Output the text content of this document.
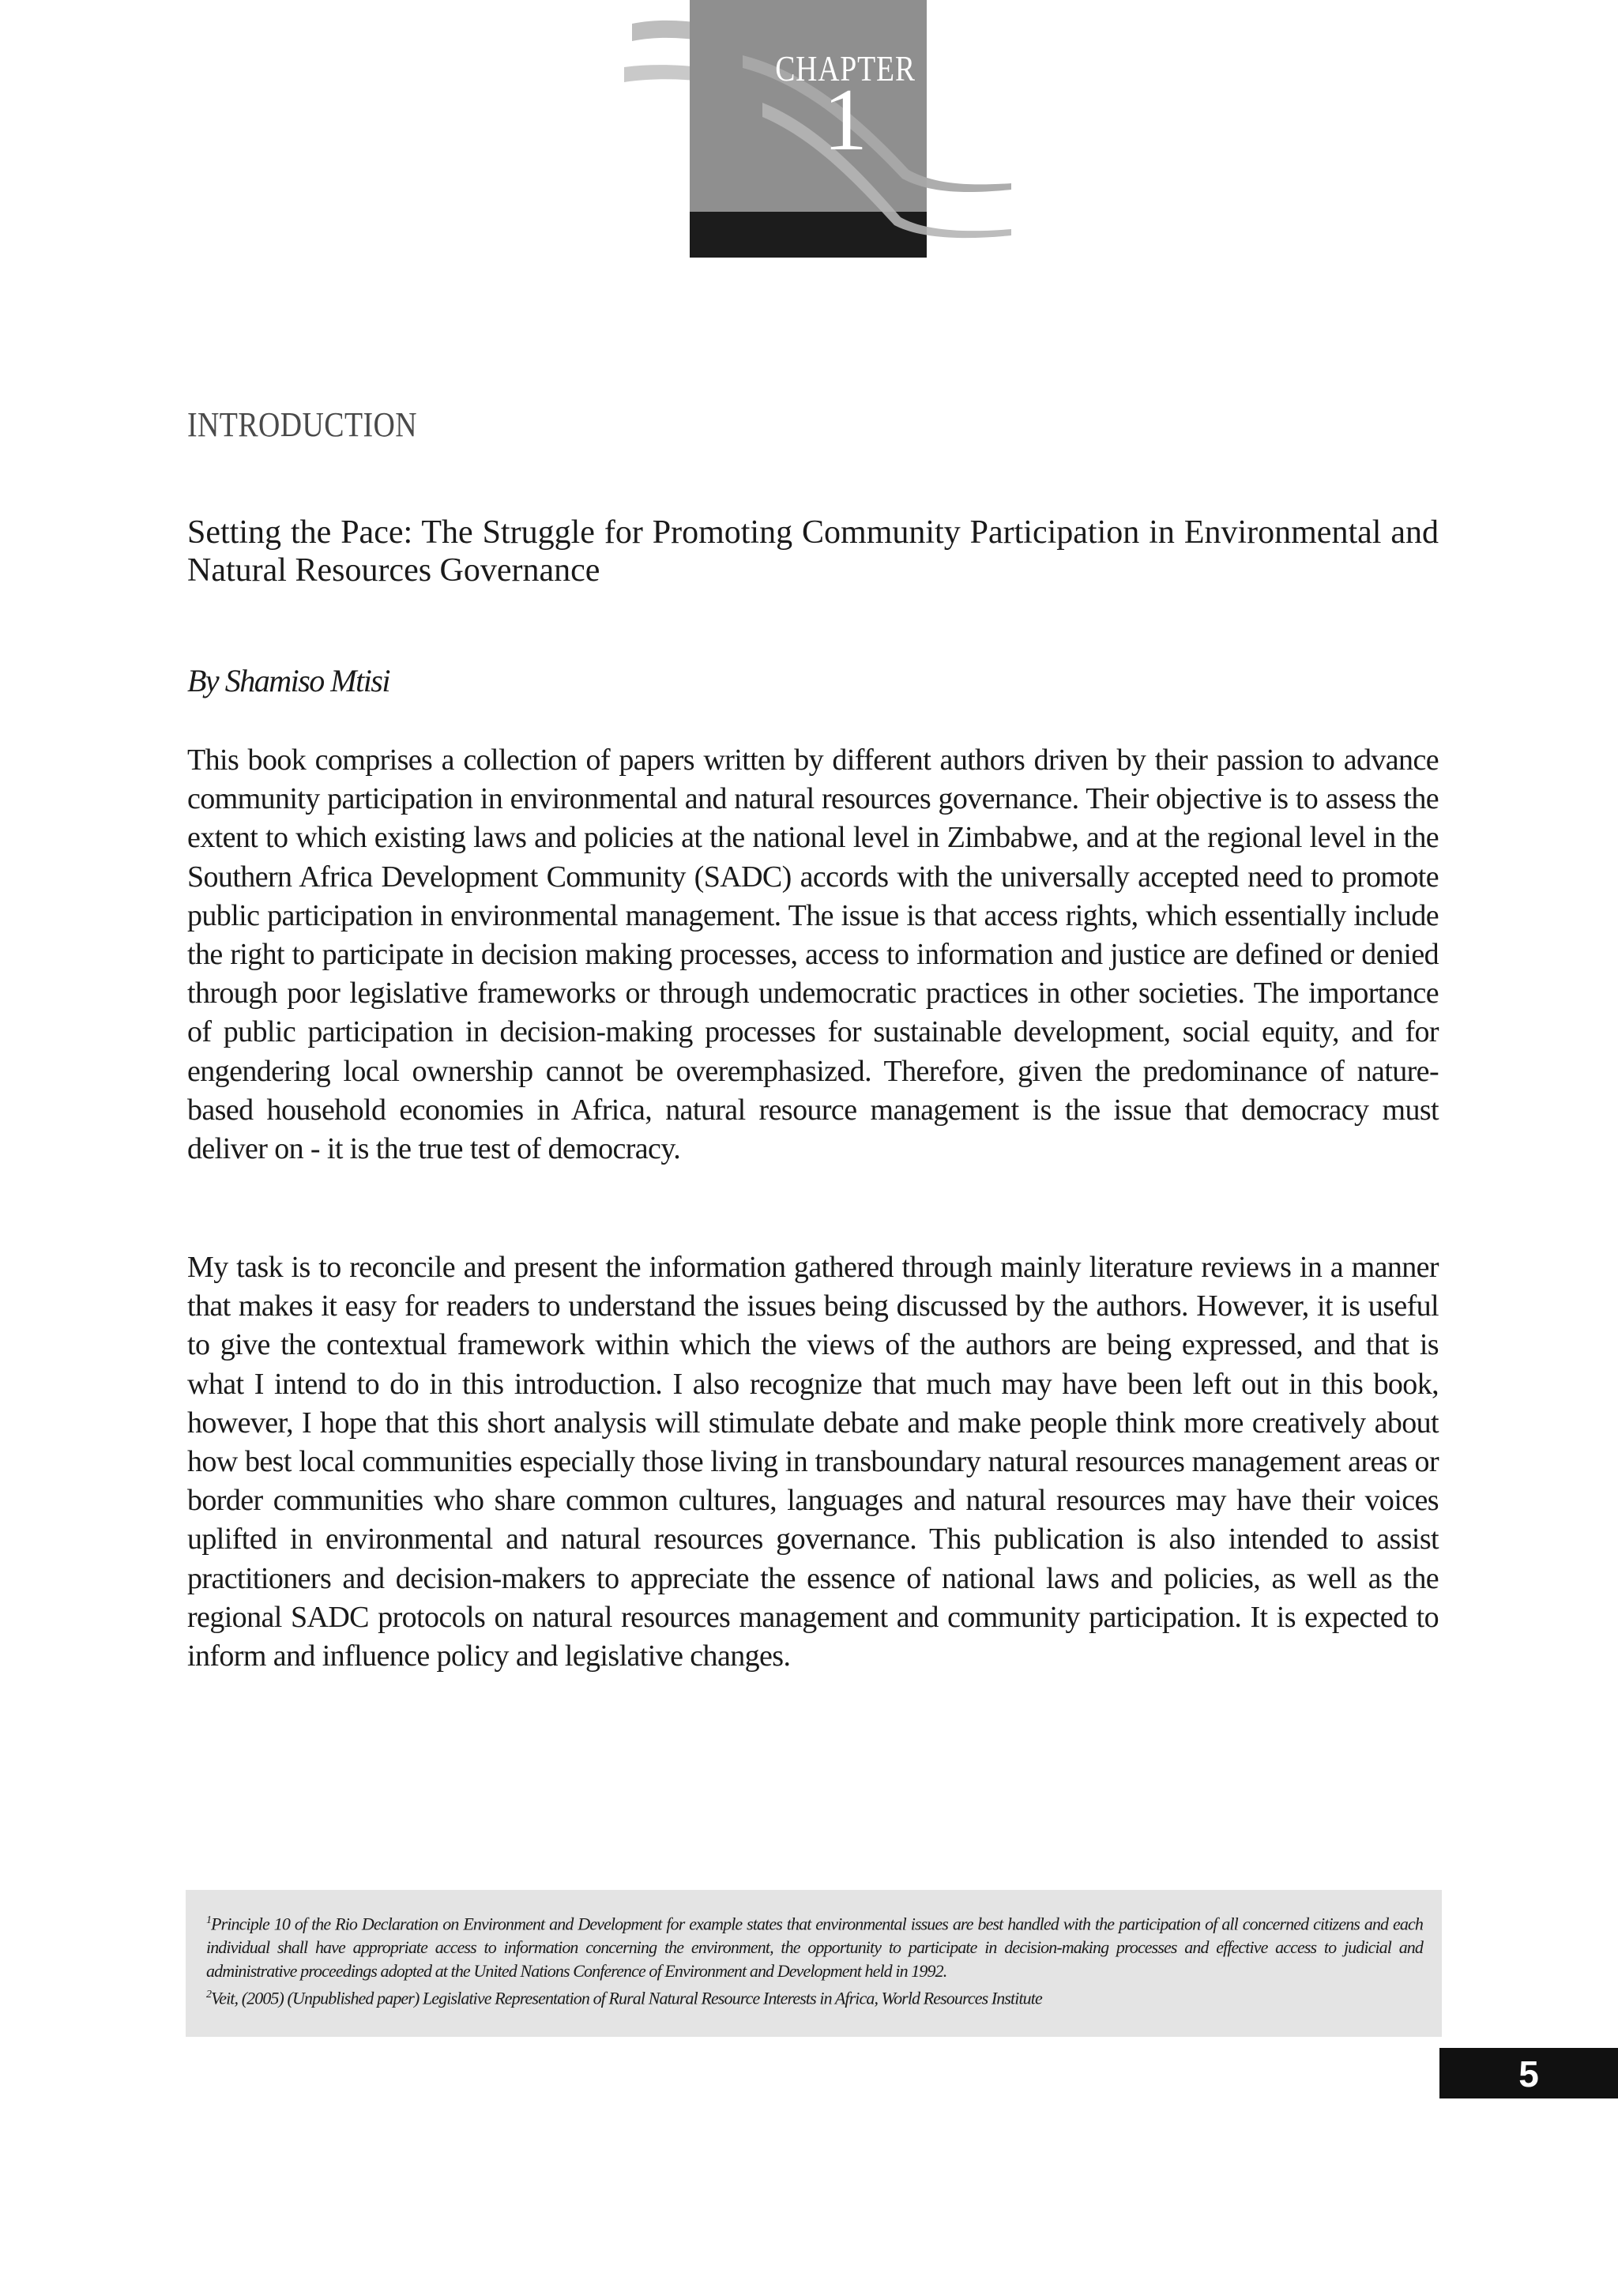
CHAPTER
1
INTRODUCTION
Setting the Pace: The Struggle for Promoting Community Participation in Environmental and Natural Resources Governance

By Shamiso Mtisi

This book comprises a collection of papers written by different authors driven by their passion to advance community participation in environmental and natural resources governance. Their objective is to assess the extent to which existing laws and policies at the national level in Zimbabwe, and at the regional level in the Southern Africa Development Community (SADC) accords with the universally accepted need to promote public participation in environmental management. The issue is that access rights, which essentially include the right to participate in decision making processes, access to information and justice are defined or denied through poor legislative frameworks or through undemocratic practices in other societies. The importance of public participation in decision-making processes for sustainable development, social equity, and for engendering local ownership cannot be overemphasized. Therefore, given the predominance of nature-based household economies in Africa, natural resource management is the issue that democracy must deliver on - it is the true test of democracy.

My task is to reconcile and present the information gathered through mainly literature reviews in a manner that makes it easy for readers to understand the issues being discussed by the authors. However, it is useful to give the contextual framework within which the views of the authors are being expressed, and that is what I intend to do in this introduction. I also recognize that much may have been left out in this book, however, I hope that this short analysis will stimulate debate and make people think more creatively about how best local communities especially those living in transboundary natural resources management areas or border communities who share common cultures, languages and natural resources may have their voices uplifted in environmental and natural resources governance. This publication is also intended to assist practitioners and decision-makers to appreciate the essence of national laws and policies, as well as the regional SADC protocols on natural resources management and community participation. It is expected to inform and influence policy and legislative changes.

$^1$Principle 10 of the Rio Declaration on Environment and Development for example states that environmental issues are best handled with the participation of all concerned citizens and each individual shall have appropriate access to information concerning the environment, the opportunity to participate in decision-making processes and effective access to judicial and administrative proceedings adopted at the United Nations Conference of Environment and Development held in 1992.

$^2$Veit, (2005) (Unpublished paper) Legislative Representation of Rural Natural Resource Interests in Africa, World Resources Institute

5
